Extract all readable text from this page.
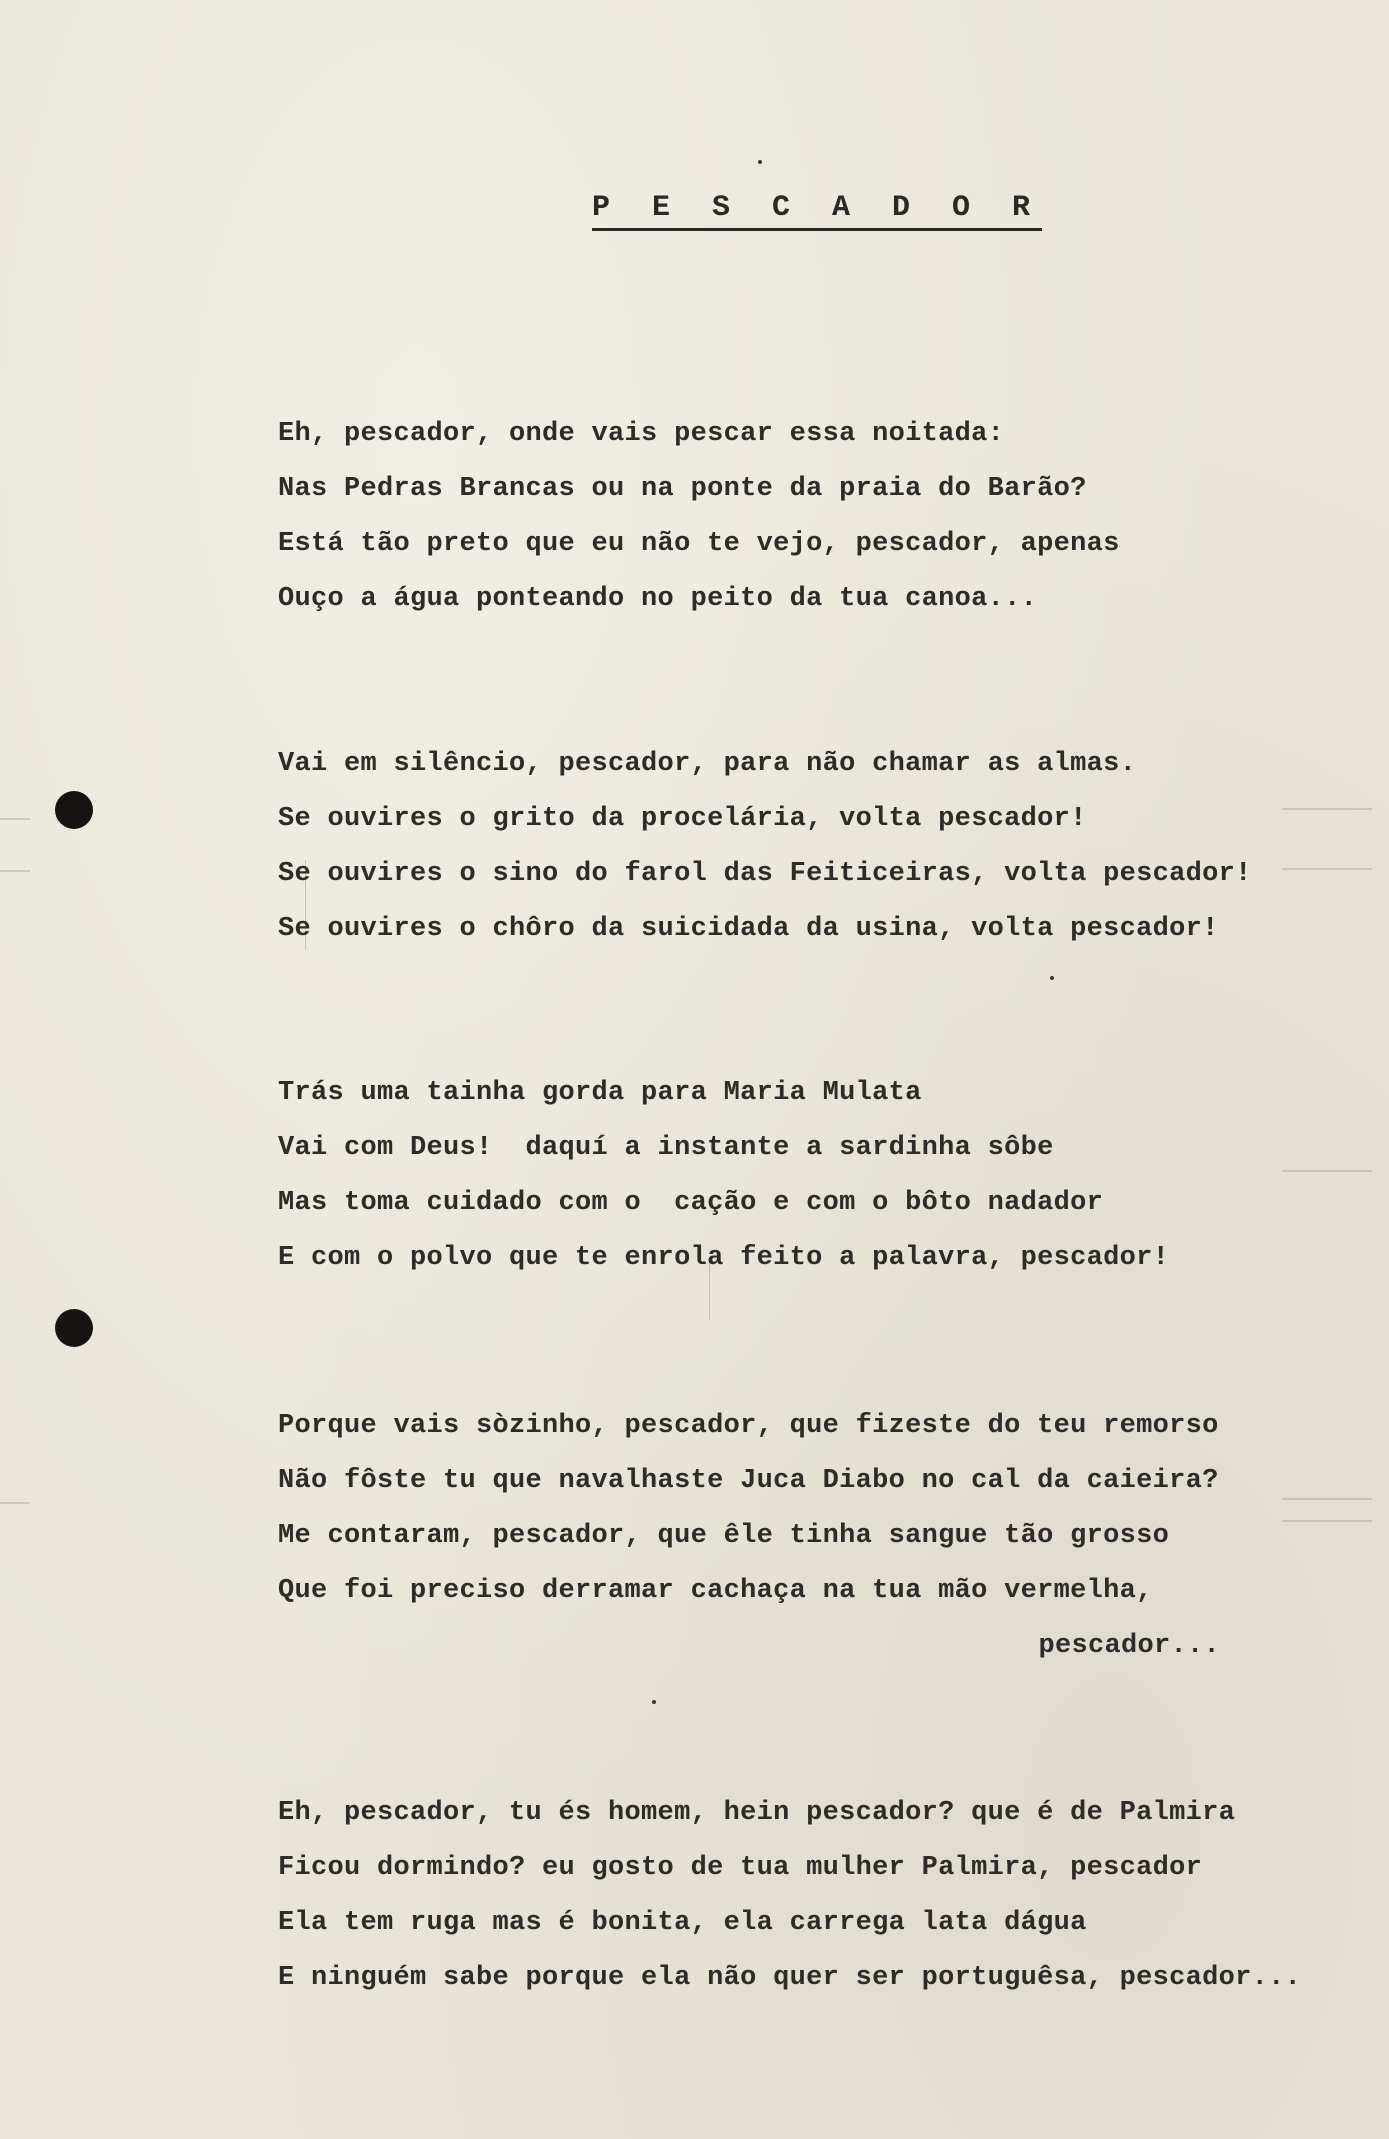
P E S C A D O R
Eh, pescador, onde vais pescar essa noitada:
Nas Pedras Brancas ou na ponte da praia do Barão?
Está tão preto que eu não te vejo, pescador, apenas
Ouço a água ponteando no peito da tua canoa...
Vai em silêncio, pescador, para não chamar as almas.
Se ouvires o grito da procelária, volta pescador!
Se ouvires o sino do farol das Feiticeiras, volta pescador!
Se ouvires o chôro da suicidada da usina, volta pescador!
Trás uma tainha gorda para Maria Mulata
Vai com Deus!  daquí a instante a sardinha sôbe
Mas toma cuidado com o  cação e com o bôto nadador
E com o polvo que te enrola feito a palavra, pescador!
Porque vais sòzinho, pescador, que fizeste do teu remorso
Não fôste tu que navalhaste Juca Diabo no cal da caieira?
Me contaram, pescador, que êle tinha sangue tão grosso
Que foi preciso derramar cachaça na tua mão vermelha,
pescador...
Eh, pescador, tu és homem, hein pescador? que é de Palmira
Ficou dormindo? eu gosto de tua mulher Palmira, pescador
Ela tem ruga mas é bonita, ela carrega lata dágua
E ninguém sabe porque ela não quer ser portuguêsa, pescador...
